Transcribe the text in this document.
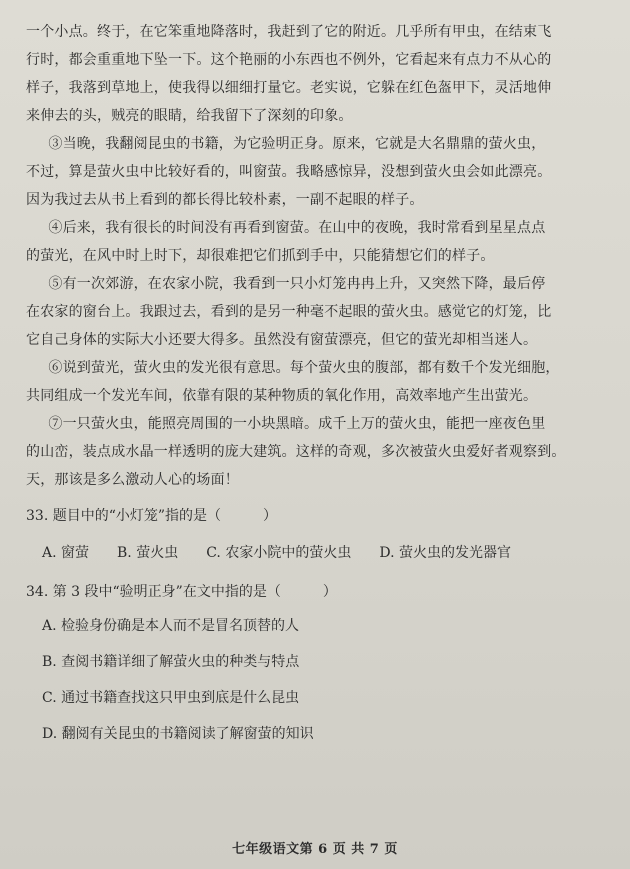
一个小点。终于，在它笨重地降落时，我赶到了它的附近。几乎所有甲虫，在结束飞
行时，都会重重地下坠一下。这个艳丽的小东西也不例外，它看起来有点力不从心的
样子，我落到草地上，使我得以细细打量它。老实说，它躲在红色盔甲下，灵活地伸
来伸去的头，贼亮的眼睛，给我留下了深刻的印象。
③当晚，我翻阅昆虫的书籍，为它验明正身。原来，它就是大名鼎鼎的萤火虫，
不过，算是萤火虫中比较好看的，叫窗萤。我略感惊异，没想到萤火虫会如此漂亮。
因为我过去从书上看到的都长得比较朴素，一副不起眼的样子。
④后来，我有很长的时间没有再看到窗萤。在山中的夜晚，我时常看到星星点点
的萤光，在风中时上时下，却很难把它们抓到手中，只能猜想它们的样子。
⑤有一次郊游，在农家小院，我看到一只小灯笼冉冉上升，又突然下降，最后停
在农家的窗台上。我跟过去，看到的是另一种毫不起眼的萤火虫。感觉它的灯笼，比
它自己身体的实际大小还要大得多。虽然没有窗萤漂亮，但它的萤光却相当迷人。
⑥说到萤光，萤火虫的发光很有意思。每个萤火虫的腹部，都有数千个发光细胞，
共同组成一个发光车间，依靠有限的某种物质的氧化作用，高效率地产生出萤光。
⑦一只萤火虫，能照亮周围的一小块黑暗。成千上万的萤火虫，能把一座夜色里
的山峦，装点成水晶一样透明的庞大建筑。这样的奇观，多次被萤火虫爱好者观察到。
天，那该是多么激动人心的场面！
33. 题目中的“小灯笼”指的是（　　　）
A. 窗萤 B. 萤火虫 C. 农家小院中的萤火虫 D. 萤火虫的发光器官
34. 第 3 段中“验明正身”在文中指的是（　　　）
A. 检验身份确是本人而不是冒名顶替的人
B. 查阅书籍详细了解萤火虫的种类与特点
C. 通过书籍查找这只甲虫到底是什么昆虫
D. 翻阅有关昆虫的书籍阅读了解窗萤的知识
七年级语文第 6 页 共 7 页
